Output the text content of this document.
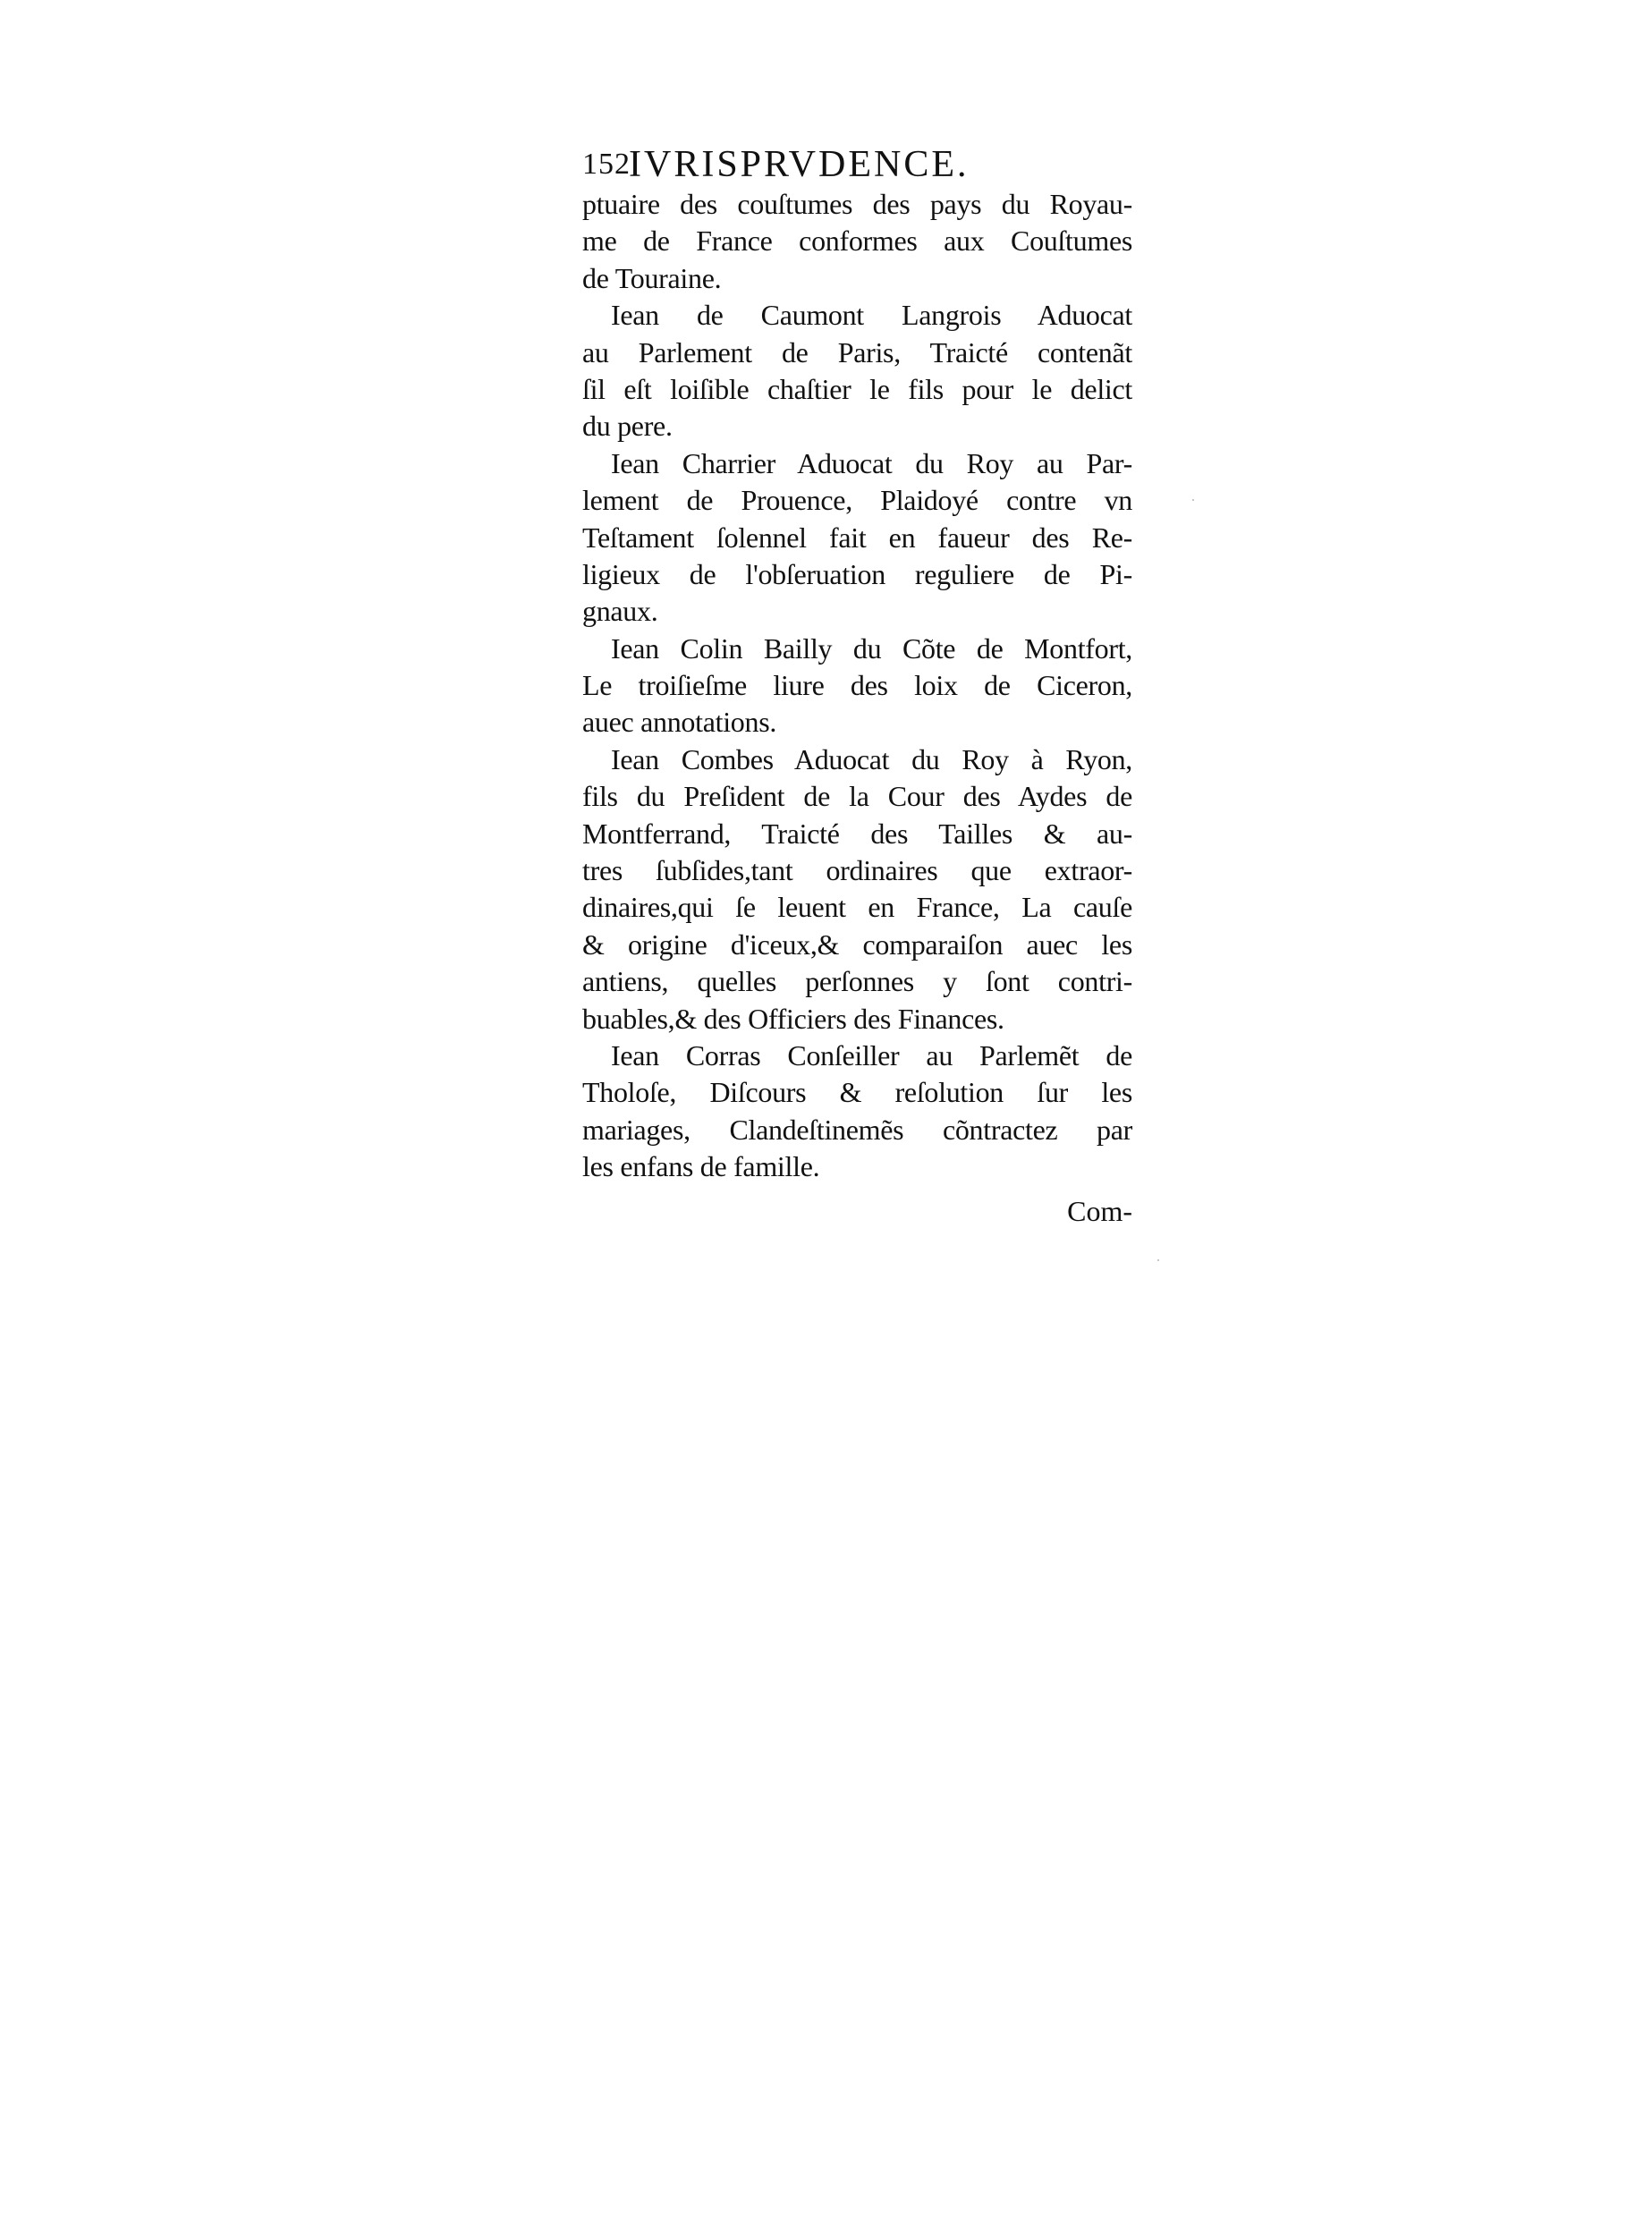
152
IVRISPRVDENCE.
ptuaire des couſtumes des pays du Royau-
me de France conformes aux Couſtumes
de Touraine.
Iean de Caumont Langrois Aduocat
au Parlement de Paris, Traicté contenãt
ſil eſt loiſible chaſtier le fils pour le delict
du pere.
Iean Charrier Aduocat du Roy au Par-
lement de Prouence, Plaidoyé contre vn
Teſtament ſolennel fait en faueur des Re-
ligieux de l'obſeruation reguliere de Pi-
gnaux.
Iean Colin Bailly du Cõte de Montfort,
Le troiſieſme liure des loix de Ciceron,
auec annotations.
Iean Combes Aduocat du Roy à Ryon,
fils du Preſident de la Cour des Aydes de
Montferrand, Traicté des Tailles & au-
tres ſubſides,tant ordinaires que extraor-
dinaires,qui ſe leuent en France, La cauſe
& origine d'iceux,& comparaiſon auec les
antiens, quelles perſonnes y ſont contri-
buables,& des Officiers des Finances.
Iean Corras Conſeiller au Parlemẽt de
Tholoſe, Diſcours & reſolution ſur les
mariages, Clandeſtinemẽs cõntractez par
les enfans de famille.
Com-
